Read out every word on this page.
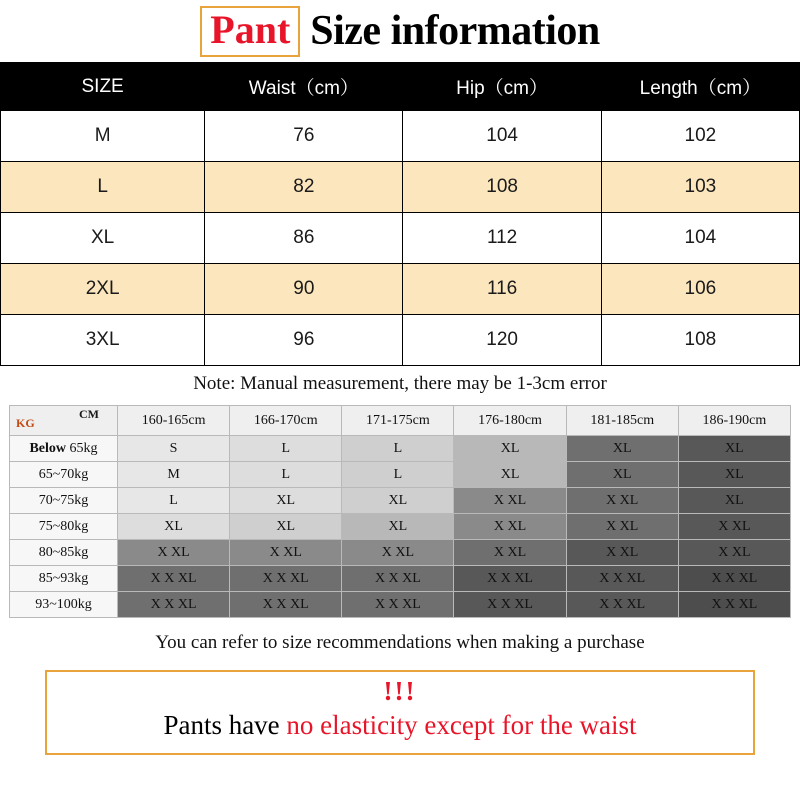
Pant Size information
SIZE	Waist（cm）	Hip（cm）	Length（cm）
M	76	104	102
L	82	108	103
XL	86	112	104
2XL	90	116	106
3XL	96	120	108
Note: Manual measurement, there may be 1-3cm error
KG
CM	160-165cm	166-170cm	171-175cm	176-180cm	181-185cm	186-190cm
Below 65kg	S	L	L	XL	XL	XL
65~70kg	M	L	L	XL	XL	XL
70~75kg	L	XL	XL	X XL	X XL	XL
75~80kg	XL	XL	XL	X XL	X XL	X XL
80~85kg	X XL	X XL	X XL	X XL	X XL	X XL
85~93kg	X X XL	X X XL	X X XL	X X XL	X X XL	X X XL
93~100kg	X X XL	X X XL	X X XL	X X XL	X X XL	X X XL
You can refer to size recommendations when making a purchase
!!!
Pants have no elasticity except for the waist
